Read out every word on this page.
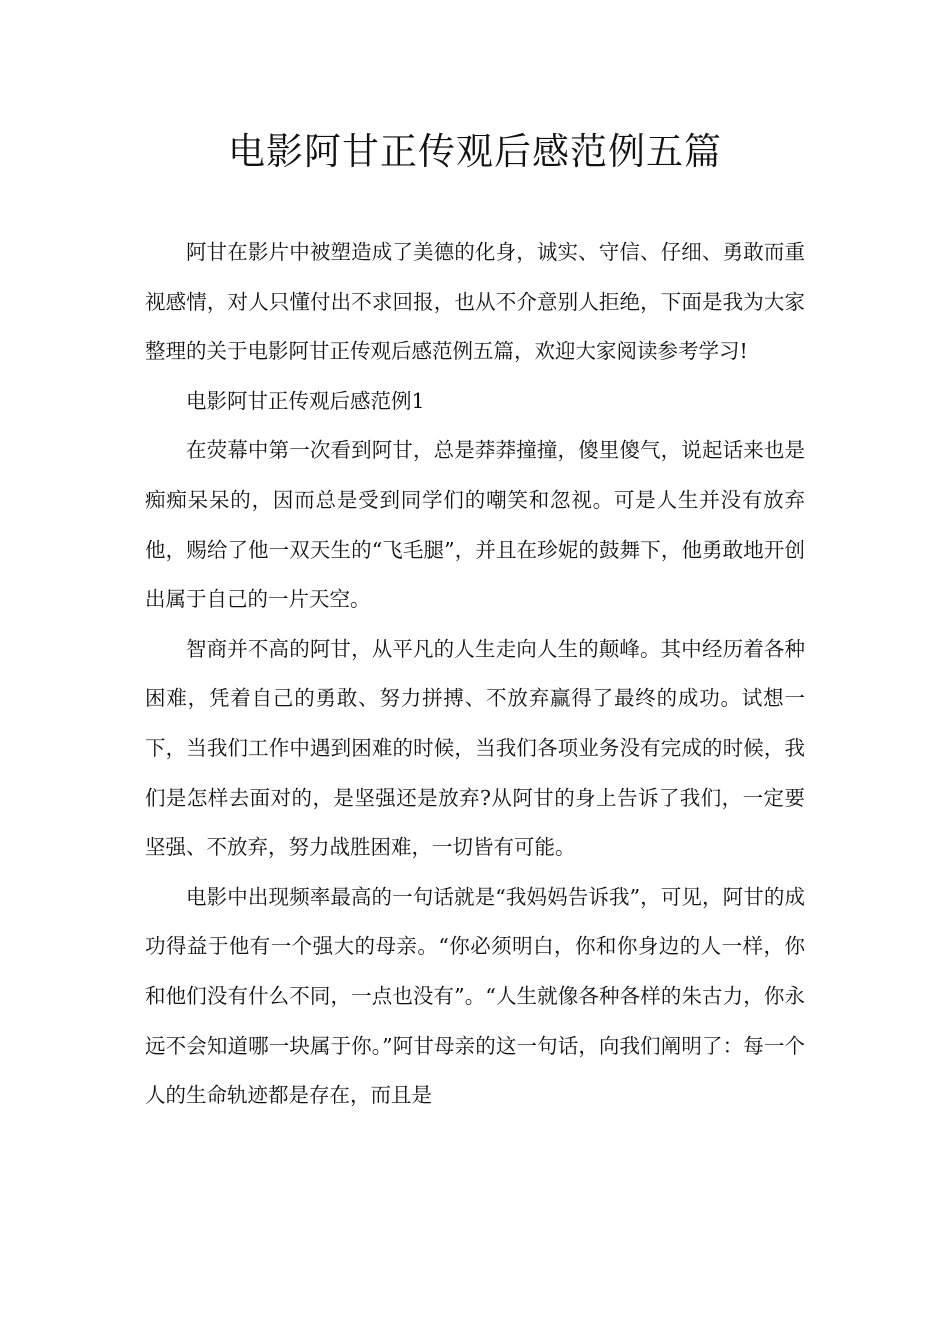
电影阿甘正传观后感范例五篇

阿甘在影片中被塑造成了美德的化身，诚实、守信、仔细、勇敢而重视感情，对人只懂付出不求回报，也从不介意别人拒绝，下面是我为大家整理的关于电影阿甘正传观后感范例五篇，欢迎大家阅读参考学习!

电影阿甘正传观后感范例1

在荧幕中第一次看到阿甘，总是莽莽撞撞，傻里傻气，说起话来也是痴痴呆呆的，因而总是受到同学们的嘲笑和忽视。可是人生并没有放弃他，赐给了他一双天生的“飞毛腿”，并且在珍妮的鼓舞下，他勇敢地开创出属于自己的一片天空。

智商并不高的阿甘，从平凡的人生走向人生的颠峰。其中经历着各种困难，凭着自己的勇敢、努力拼搏、不放弃赢得了最终的成功。试想一下，当我们工作中遇到困难的时候，当我们各项业务没有完成的时候，我们是怎样去面对的，是坚强还是放弃?从阿甘的身上告诉了我们，一定要坚强、不放弃，努力战胜困难，一切皆有可能。

电影中出现频率最高的一句话就是“我妈妈告诉我”，可见，阿甘的成功得益于他有一个强大的母亲。“你必须明白，你和你身边的人一样，你和他们没有什么不同，一点也没有”。“人生就像各种各样的朱古力，你永远不会知道哪一块属于你。”阿甘母亲的这一句话，向我们阐明了：每一个人的生命轨迹都是存在，而且是
